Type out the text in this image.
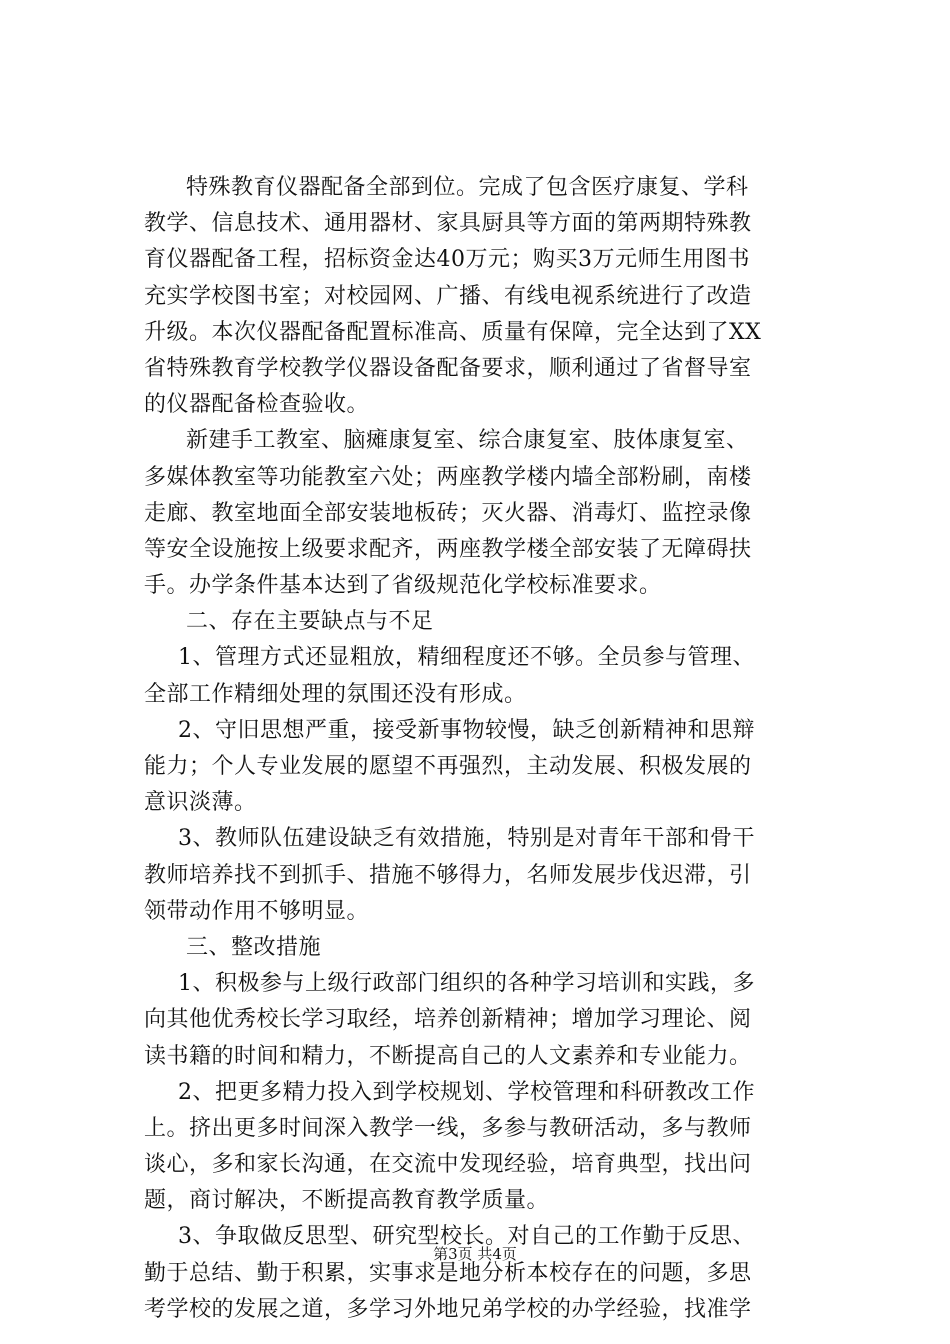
特殊教育仪器配备全部到位。完成了包含医疗康复、学科
教学、信息技术、通用器材、家具厨具等方面的第两期特殊教
育仪器配备工程，招标资金达40万元；购买3万元师生用图书
充实学校图书室；对校园网、广播、有线电视系统进行了改造
升级。本次仪器配备配置标准高、质量有保障，完全达到了XX
省特殊教育学校教学仪器设备配备要求，顺利通过了省督导室
的仪器配备检查验收。
新建手工教室、脑瘫康复室、综合康复室、肢体康复室、
多媒体教室等功能教室六处；两座教学楼内墙全部粉刷，南楼
走廊、教室地面全部安装地板砖；灭火器、消毒灯、监控录像
等安全设施按上级要求配齐，两座教学楼全部安装了无障碍扶
手。办学条件基本达到了省级规范化学校标准要求。
二、存在主要缺点与不足
1、管理方式还显粗放，精细程度还不够。全员参与管理、
全部工作精细处理的氛围还没有形成。
2、守旧思想严重，接受新事物较慢，缺乏创新精神和思辩
能力；个人专业发展的愿望不再强烈，主动发展、积极发展的
意识淡薄。
3、教师队伍建设缺乏有效措施，特别是对青年干部和骨干
教师培养找不到抓手、措施不够得力，名师发展步伐迟滞，引
领带动作用不够明显。
三、整改措施
1、积极参与上级行政部门组织的各种学习培训和实践，多
向其他优秀校长学习取经，培养创新精神；增加学习理论、阅
读书籍的时间和精力，不断提高自己的人文素养和专业能力。
2、把更多精力投入到学校规划、学校管理和科研教改工作
上。挤出更多时间深入教学一线，多参与教研活动，多与教师
谈心，多和家长沟通，在交流中发现经验，培育典型，找出问
题，商讨解决，不断提高教育教学质量。
3、争取做反思型、研究型校长。对自己的工作勤于反思、
勤于总结、勤于积累，实事求是地分析本校存在的问题，多思
考学校的发展之道，多学习外地兄弟学校的办学经验，找准学
第3页 共4页
